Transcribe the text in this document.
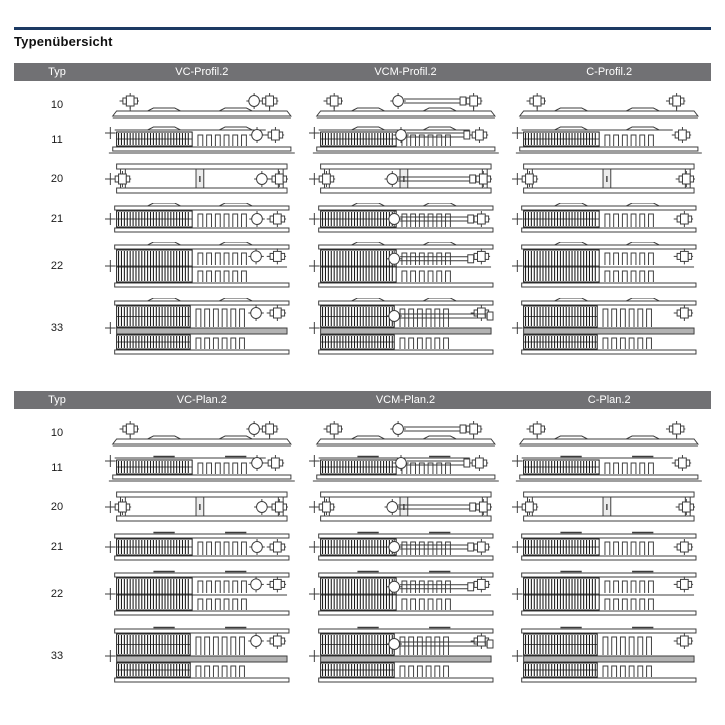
Typenübersicht
Typ	VC-Profil.2	VCM-Profil.2	C-Profil.2
10
11
20
21
22
33
Typ	VC-Plan.2	VCM-Plan.2	C-Plan.2
10
11
20
21
22
33
